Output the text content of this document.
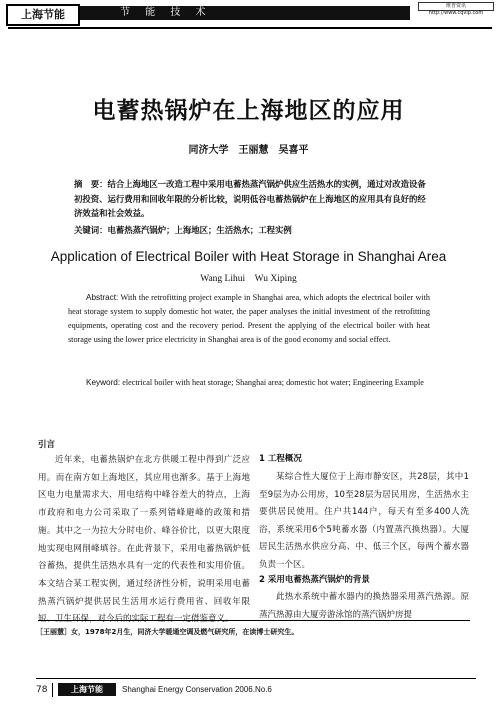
上海节能	节 能 技 术
维普资讯 http://www.cqvip.com
电蓄热锅炉在上海地区的应用
同济大学　王丽慧　吴喜平
摘　要：结合上海地区一改造工程中采用电蓄热蒸汽锅炉供应生活热水的实例，通过对改造设备初投资、运行费用和回收年限的分析比较，说明低谷电蓄热锅炉在上海地区的应用具有良好的经济效益和社会效益。
关键词：电蓄热蒸汽锅炉；上海地区；生活热水；工程实例
Application of Electrical Boiler with Heat Storage in Shanghai Area
Wang Lihui　Wu Xiping
Abstract: With the retrofitting project example in Shanghai area, which adopts the electrical boiler with heat storage system to supply domestic hot water, the paper analyses the initial investment of the retrofitting equipments, operating cost and the recovery period. Present the applying of the electrical boiler with heat storage using the lower price electricity in Shanghai area is of the good economy and social effect.
Keyword: electrical boiler with heat storage; Shanghai area; domestic hot water; Engineering Example
引言
近年来，电蓄热锅炉在北方供暖工程中得到广泛应用。而在南方如上海地区，其应用也渐多。基于上海地区电力电量需求大、用电结构中峰谷差大的特点，上海市政府和电力公司采取了一系列错峰避峰的政策和措施。其中之一为拉大分时电价、峰谷价比，以更大限度地实现电网削峰填谷。在此背景下，采用电蓄热锅炉低谷蓄热，提供生活热水具有一定的代表性和实用价值。本文结合某工程实例，通过经济性分析，说明采用电蓄热蒸汽锅炉提供居民生活用水运行费用省、回收年限
1 工程概况
某综合性大厦位于上海市静安区，共28层，其中1至9层为办公用房，10至28层为居民用房，生活热水主要供居民使用。住户共144户，每天有至多400人洗浴，系统采用6个5吨蓄水器（内置蒸汽换热器）。大厦居民生活热水供应分高、中、低三个区，每两个蓄水器负责一个区。
2 采用电蓄热蒸汽锅炉的背景
此热水系统中蓄水器内的换热器采用蒸汽热源。原蒸汽热源由大厦旁游泳馆的蒸汽锅炉房提
［王丽慧］女，1978年2月生，同济大学暖通空调及燃气研究所，在读博士研究生。
78	上海节能	Shanghai Energy Conservation 2006.No.6
